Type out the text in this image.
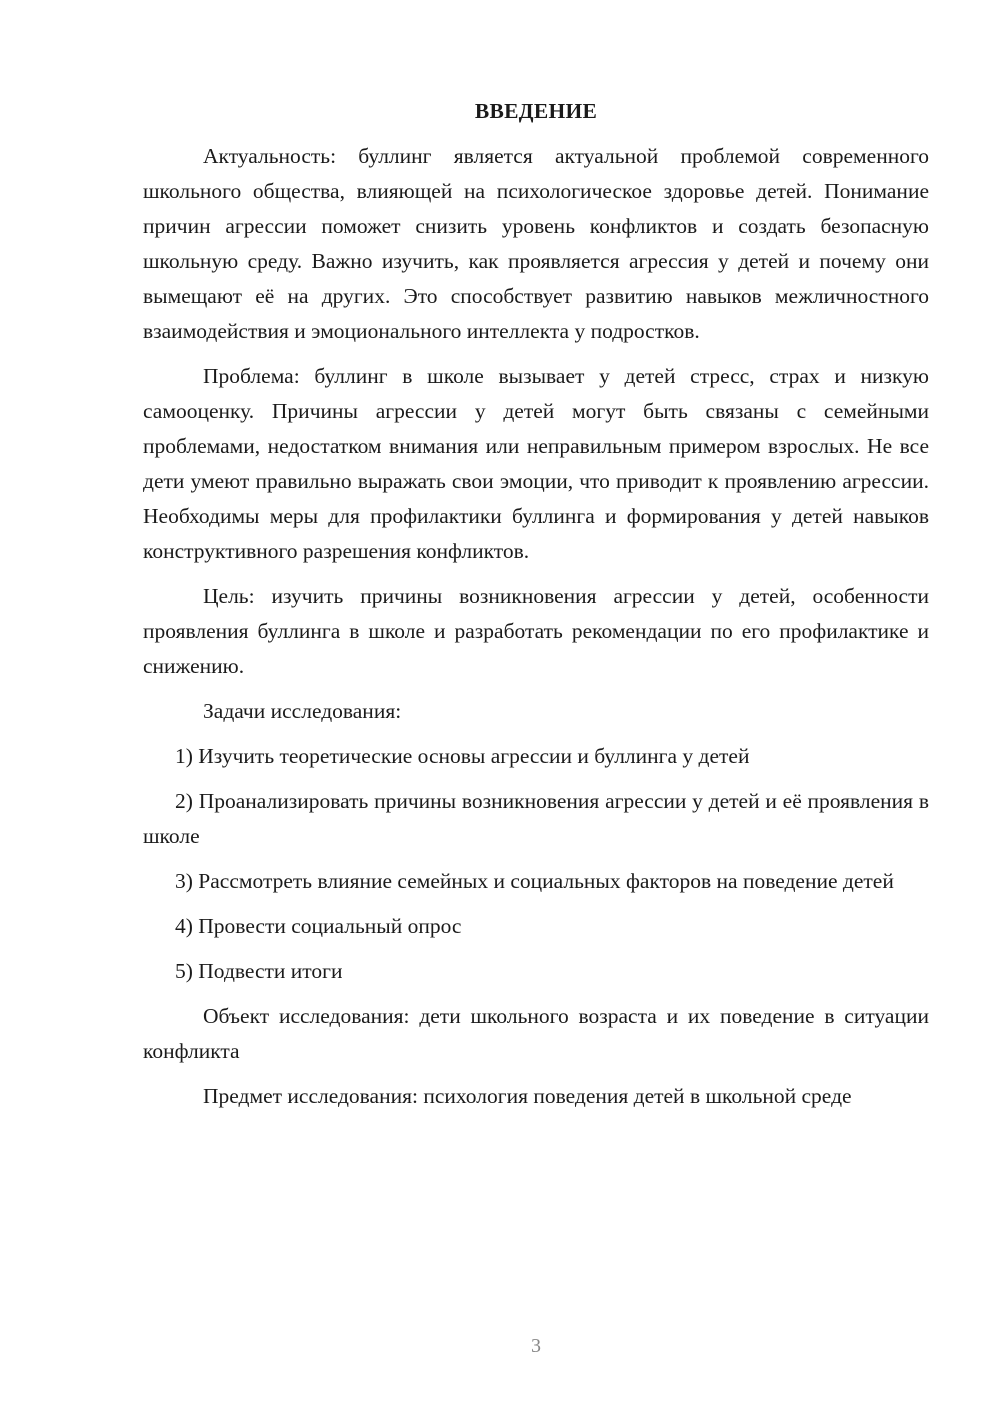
ВВЕДЕНИЕ

Актуальность: буллинг является актуальной проблемой современного школьного общества, влияющей на психологическое здоровье детей. Понимание причин агрессии поможет снизить уровень конфликтов и создать безопасную школьную среду. Важно изучить, как проявляется агрессия у детей и почему они вымещают её на других. Это способствует развитию навыков межличностного взаимодействия и эмоционального интеллекта у подростков.

Проблема: буллинг в школе вызывает у детей стресс, страх и низкую самооценку. Причины агрессии у детей могут быть связаны с семейными проблемами, недостатком внимания или неправильным примером взрослых. Не все дети умеют правильно выражать свои эмоции, что приводит к проявлению агрессии. Необходимы меры для профилактики буллинга и формирования у детей навыков конструктивного разрешения конфликтов.

Цель: изучить причины возникновения агрессии у детей, особенности проявления буллинга в школе и разработать рекомендации по его профилактике и снижению.

Задачи исследования:

1) Изучить теоретические основы агрессии и буллинга у детей

2) Проанализировать причины возникновения агрессии у детей и её проявления в школе

3) Рассмотреть влияние семейных и социальных факторов на поведение детей

4) Провести социальный опрос

5) Подвести итоги

Объект исследования: дети школьного возраста и их поведение в ситуации конфликта

Предмет исследования: психология поведения детей в школьной среде

3
